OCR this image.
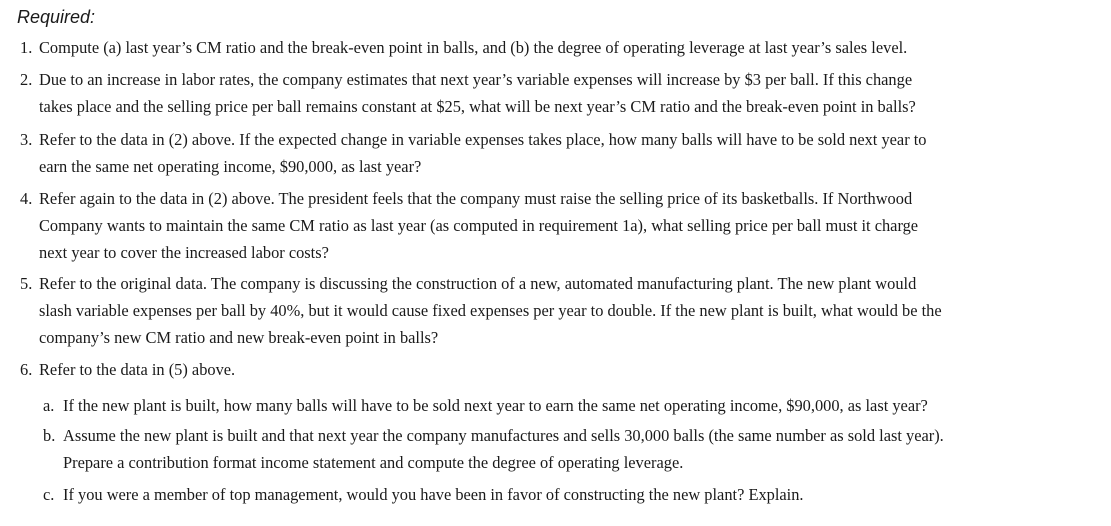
Required:
1. Compute (a) last year’s CM ratio and the break-even point in balls, and (b) the degree of operating leverage at last year’s sales level.
2. Due to an increase in labor rates, the company estimates that next year’s variable expenses will increase by $3 per ball. If this change
takes place and the selling price per ball remains constant at $25, what will be next year’s CM ratio and the break-even point in balls?
3. Refer to the data in (2) above. If the expected change in variable expenses takes place, how many balls will have to be sold next year to
earn the same net operating income, $90,000, as last year?
4. Refer again to the data in (2) above. The president feels that the company must raise the selling price of its basketballs. If Northwood
Company wants to maintain the same CM ratio as last year (as computed in requirement 1a), what selling price per ball must it charge
next year to cover the increased labor costs?
5. Refer to the original data. The company is discussing the construction of a new, automated manufacturing plant. The new plant would
slash variable expenses per ball by 40%, but it would cause fixed expenses per year to double. If the new plant is built, what would be the
company’s new CM ratio and new break-even point in balls?
6. Refer to the data in (5) above.
a. If the new plant is built, how many balls will have to be sold next year to earn the same net operating income, $90,000, as last year?
b. Assume the new plant is built and that next year the company manufactures and sells 30,000 balls (the same number as sold last year).
Prepare a contribution format income statement and compute the degree of operating leverage.
c. If you were a member of top management, would you have been in favor of constructing the new plant? Explain.
